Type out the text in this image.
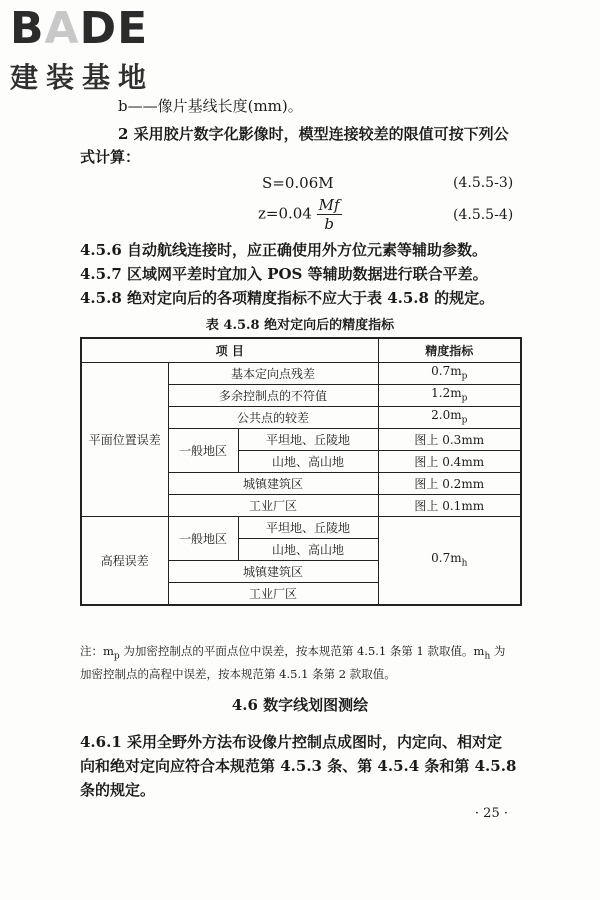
BADE
建装基地
b——像片基线长度(mm)。
2 采用胶片数字化影像时，模型连接较差的限值可按下列公
式计算：
S=0.06M	(4.5.5-3)
$z=0.04 \frac{Mf}{b}$	(4.5.5-4)
4.5.6 自动航线连接时，应正确使用外方位元素等辅助参数。
4.5.7 区域网平差时宜加入 POS 等辅助数据进行联合平差。
4.5.8 绝对定向后的各项精度指标不应大于表 4.5.8 的规定。
表 4.5.8 绝对定向后的精度指标
项 目			精度指标
平面位置误差	基本定向点残差		$0.7m_p$
	多余控制点的不符值		$1.2m_p$
	公共点的较差		$2.0m_p$
	一般地区	平坦地、丘陵地	图上 0.3mm
		山地、高山地	图上 0.4mm
	城镇建筑区		图上 0.2mm
	工业厂区		图上 0.1mm
高程误差	一般地区	平坦地、丘陵地	$0.7m_h$
		山地、高山地	
	城镇建筑区		
	工业厂区		
注：$m_p$ 为加密控制点的平面点位中误差，按本规范第 4.5.1 条第 1 款取值。$m_h$ 为
加密控制点的高程中误差，按本规范第 4.5.1 条第 2 款取值。
4.6 数字线划图测绘
4.6.1 采用全野外方法布设像片控制点成图时，内定向、相对定
向和绝对定向应符合本规范第 4.5.3 条、第 4.5.4 条和第 4.5.8
条的规定。
· 25 ·
